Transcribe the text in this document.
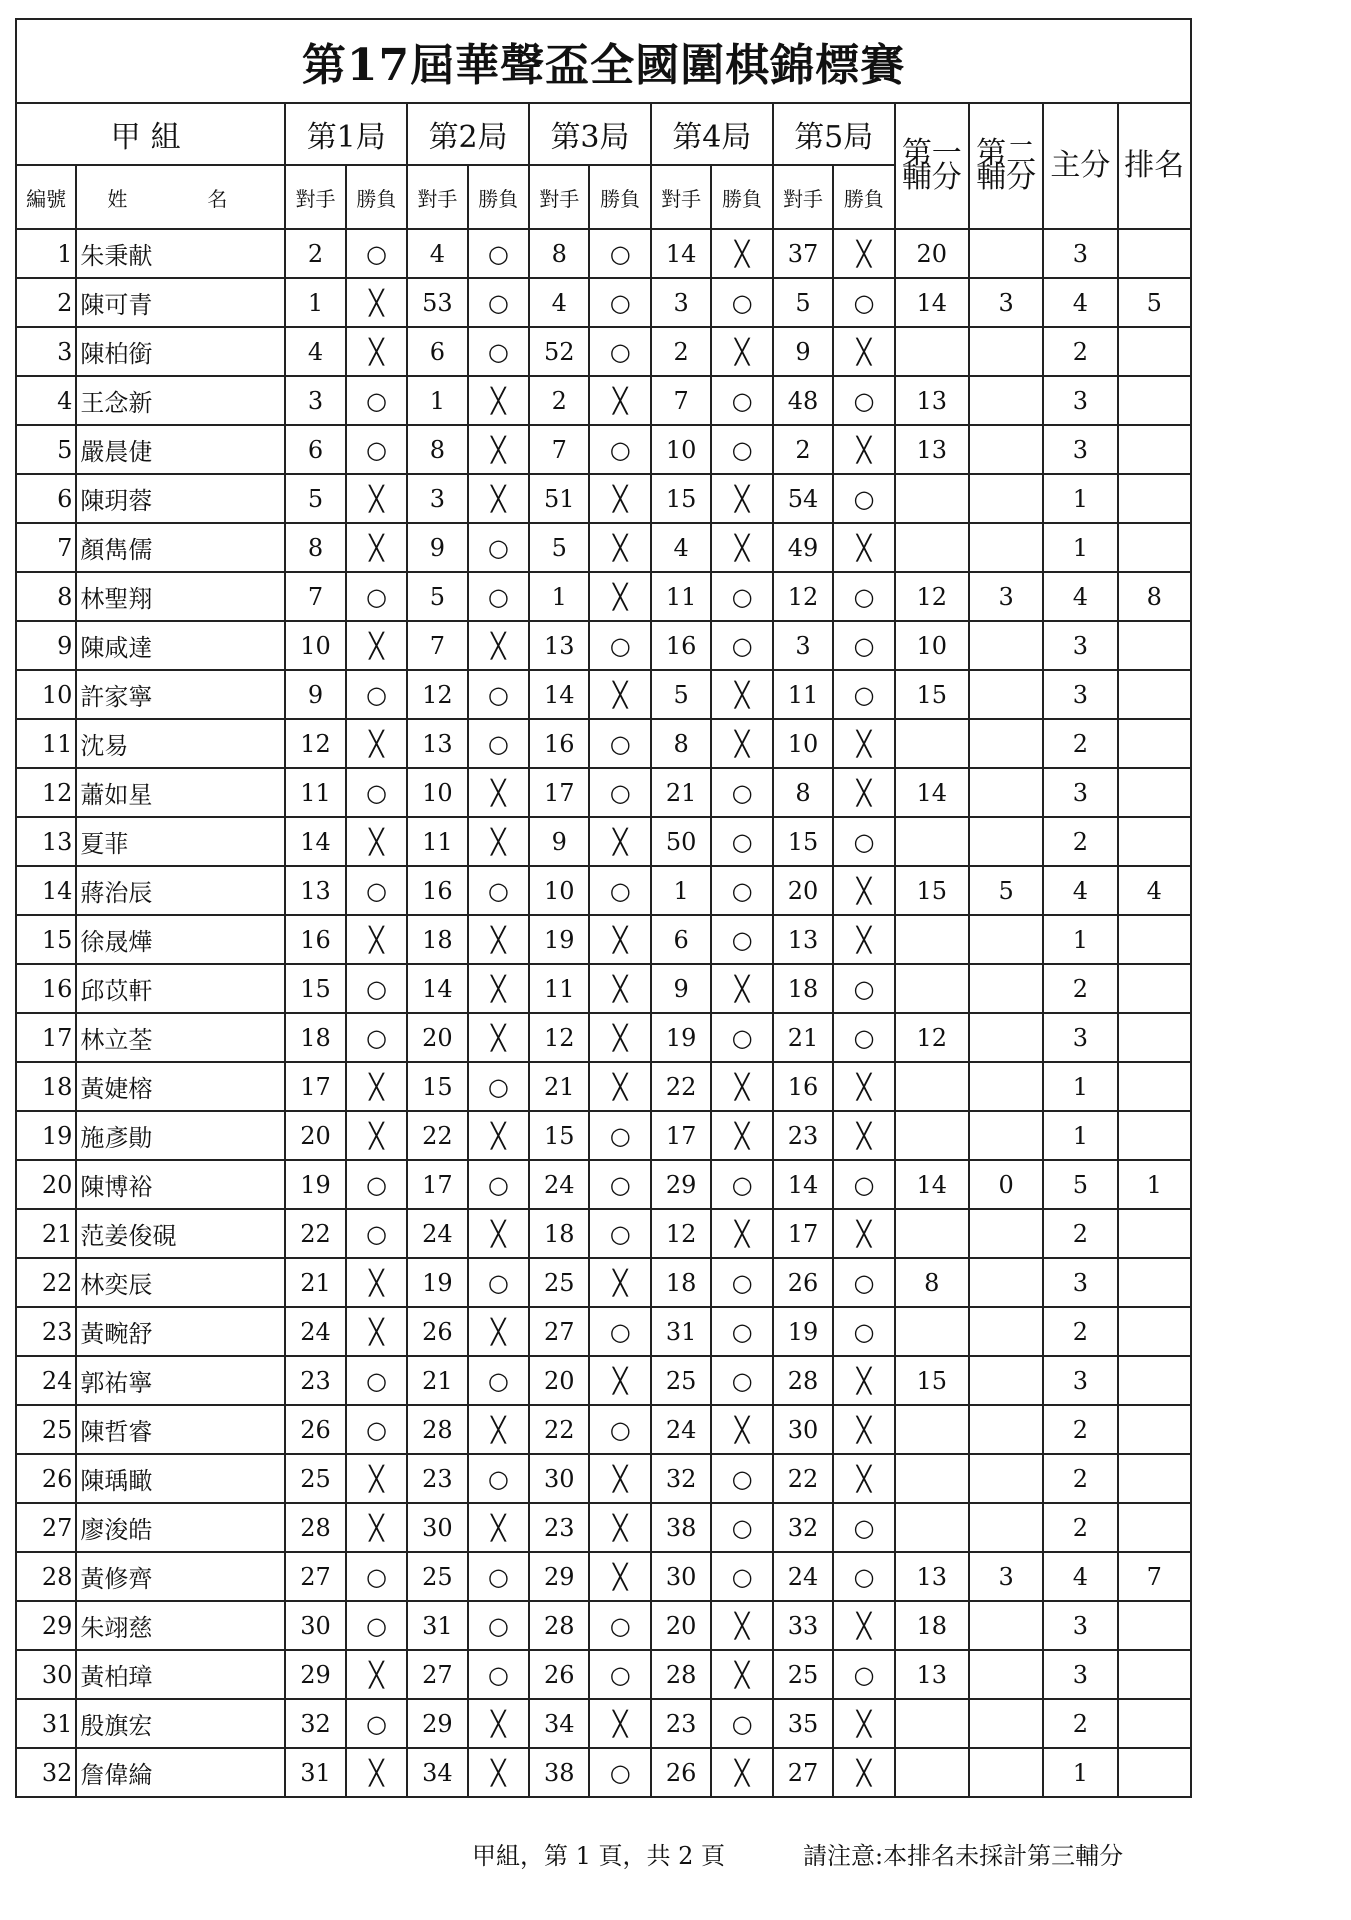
第17屆華聲盃全國圍棋錦標賽															
甲組		第1局		第2局		第3局		第4局		第5局		第一輔分	第二輔分	主分	排名
編號	姓 名	對手	勝負	對手	勝負	對手	勝負	對手	勝負	對手	勝負				
1	朱秉献	2	○	4	○	8	○	14	╳	37	╳	20		3	
2	陳可青	1	╳	53	○	4	○	3	○	5	○	14	3	4	5
3	陳柏銜	4	╳	6	○	52	○	2	╳	9	╳			2	
4	王念新	3	○	1	╳	2	╳	7	○	48	○	13		3	
5	嚴晨倢	6	○	8	╳	7	○	10	○	2	╳	13		3	
6	陳玥蓉	5	╳	3	╳	51	╳	15	╳	54	○			1	
7	顏雋儒	8	╳	9	○	5	╳	4	╳	49	╳			1	
8	林聖翔	7	○	5	○	1	╳	11	○	12	○	12	3	4	8
9	陳咸達	10	╳	7	╳	13	○	16	○	3	○	10		3	
10	許家寧	9	○	12	○	14	╳	5	╳	11	○	15		3	
11	沈易	12	╳	13	○	16	○	8	╳	10	╳			2	
12	蕭如星	11	○	10	╳	17	○	21	○	8	╳	14		3	
13	夏菲	14	╳	11	╳	9	╳	50	○	15	○			2	
14	蔣治辰	13	○	16	○	10	○	1	○	20	╳	15	5	4	4
15	徐晟燁	16	╳	18	╳	19	╳	6	○	13	╳			1	
16	邱苡軒	15	○	14	╳	11	╳	9	╳	18	○			2	
17	林立荃	18	○	20	╳	12	╳	19	○	21	○	12		3	
18	黃婕榕	17	╳	15	○	21	╳	22	╳	16	╳			1	
19	施彥勛	20	╳	22	╳	15	○	17	╳	23	╳			1	
20	陳博裕	19	○	17	○	24	○	29	○	14	○	14	0	5	1
21	范姜俊硯	22	○	24	╳	18	○	12	╳	17	╳			2	
22	林奕辰	21	╳	19	○	25	╳	18	○	26	○	8		3	
23	黃畹舒	24	╳	26	╳	27	○	31	○	19	○			2	
24	郭祐寧	23	○	21	○	20	╳	25	○	28	╳	15		3	
25	陳哲睿	26	○	28	╳	22	○	24	╳	30	╳			2	
26	陳瑀瞰	25	╳	23	○	30	╳	32	○	22	╳			2	
27	廖浚皓	28	╳	30	╳	23	╳	38	○	32	○			2	
28	黃修齊	27	○	25	○	29	╳	30	○	24	○	13	3	4	7
29	朱翊慈	30	○	31	○	28	○	20	╳	33	╳	18		3	
30	黃柏璋	29	╳	27	○	26	○	28	╳	25	○	13		3	
31	殷旗宏	32	○	29	╳	34	╳	23	○	35	╳			2	
32	詹偉綸	31	╳	34	╳	38	○	26	╳	27	╳			1	
甲組，第 1 頁，共 2 頁	請注意:本排名未採計第三輔分
